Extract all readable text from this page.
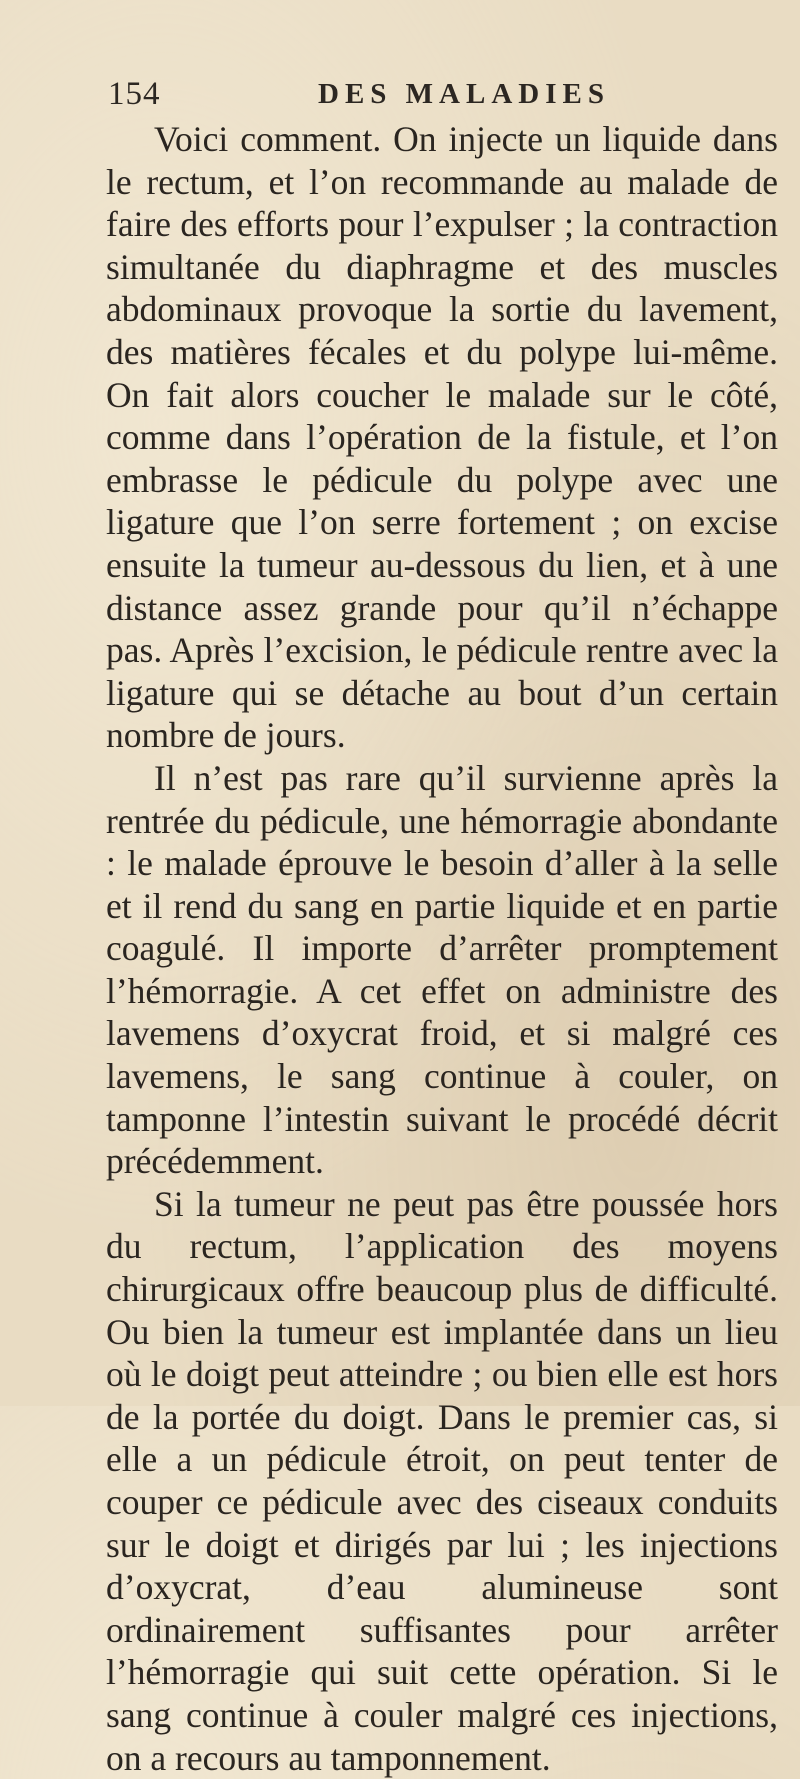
154	DES MALADIES

Voici comment. On injecte un liquide dans le rectum, et l’on recommande au malade de faire des efforts pour l’expulser ; la contraction simultanée du diaphragme et des muscles abdominaux provoque la sortie du lavement, des matières fécales et du polype lui-même. On fait alors coucher le malade sur le côté, comme dans l’opération de la fistule, et l’on embrasse le pédicule du polype avec une ligature que l’on serre fortement ; on excise ensuite la tumeur au-dessous du lien, et à une distance assez grande pour qu’il n’échappe pas. Après l’excision, le pédicule rentre avec la ligature qui se détache au bout d’un certain nombre de jours.

Il n’est pas rare qu’il survienne après la rentrée du pédicule, une hémorragie abondante : le malade éprouve le besoin d’aller à la selle et il rend du sang en partie liquide et en partie coagulé. Il importe d’arrêter promptement l’hémorragie. A cet effet on administre des lavemens d’oxycrat froid, et si malgré ces lavemens, le sang continue à couler, on tamponne l’intestin suivant le procédé décrit précédemment.

Si la tumeur ne peut pas être poussée hors du rectum, l’application des moyens chirurgicaux offre beaucoup plus de difficulté. Ou bien la tumeur est implantée dans un lieu où le doigt peut atteindre ; ou bien elle est hors de la portée du doigt. Dans le premier cas, si elle a un pédicule étroit, on peut tenter de couper ce pédicule avec des ciseaux conduits sur le doigt et dirigés par lui ; les injections d’oxycrat, d’eau alumineuse sont ordinairement suffisantes pour arrêter l’hémorragie qui suit cette opération. Si le sang continue à couler malgré ces injections, on a recours au tamponnement.
